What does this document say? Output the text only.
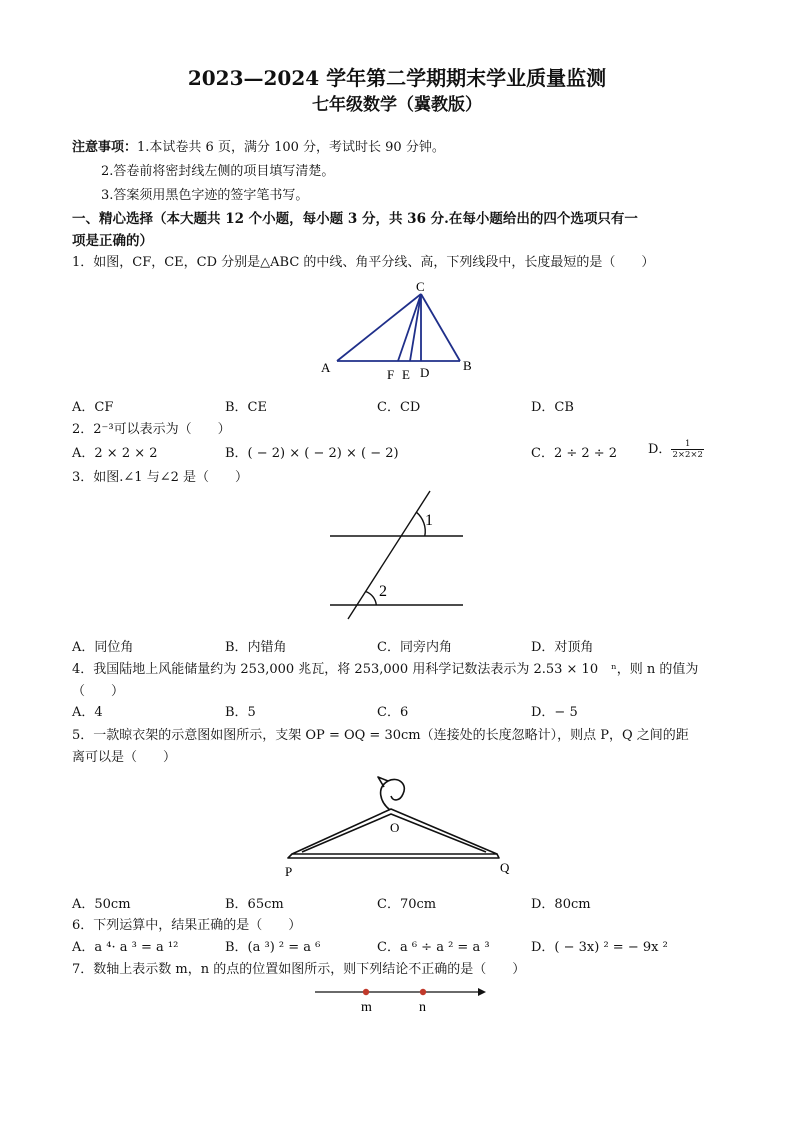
2023—2024 学年第二学期期末学业质量监测
七年级数学（冀教版）
注意事项：1.本试卷共 6 页，满分 100 分，考试时长 90 分钟。
2.答卷前将密封线左侧的项目填写清楚。
3.答案须用黑色字迹的签字笔书写。
一、精心选择（本大题共 12 个小题，每小题 3 分，共 36 分.在每小题给出的四个选项只有一
项是正确的）
1．如图，CF，CE，CD 分别是△ABC 的中线、角平分线、高，下列线段中，长度最短的是（　　）
C
A	B
F E D
A．CF	B．CE	C．CD	D．CB
2．2⁻³可以表示为（　　）
A．2 × 2 × 2	B．( − 2) × ( − 2) × ( − 2)	C．2 ÷ 2 ÷ 2 D． $\frac{1}{2\times 2\times 2}$
3．如图.∠1 与∠2 是（　　）
1
2
A．同位角	B．内错角	C．同旁内角	D．对顶角
4．我国陆地上风能储量约为 253,000 兆瓦，将 253,000 用科学记数法表示为 2.53 × 10　ⁿ，则 n 的值为
（　　）
A．4	B．5	C．6	D．− 5
5．一款晾衣架的示意图如图所示，支架 OP = OQ = 30cm（连接处的长度忽略计），则点 P，Q 之间的距
离可以是（　　）
O
P	Q
A．50cm	B．65cm	C．70cm	D．80cm
6．下列运算中，结果正确的是（　　）
A．a ⁴· a ³ = a ¹²	B．(a ³) ² = a ⁶	C．a ⁶ ÷ a ² = a ³	D．( − 3x) ² = − 9x ²
7．数轴上表示数 m，n 的点的位置如图所示，则下列结论不正确的是（　　）
m	n
